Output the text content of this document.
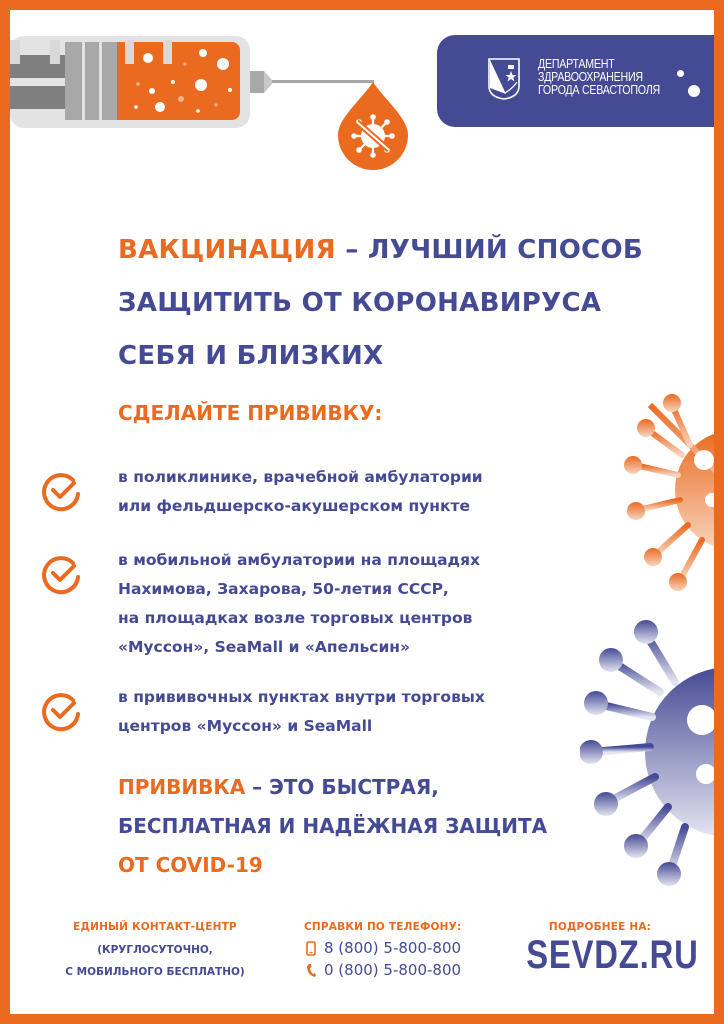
ДЕПАРТАМЕНТ
ЗДРАВООХРАНЕНИЯ
ГОРОДА СЕВАСТОПОЛЯ
ВАКЦИНАЦИЯ – ЛУЧШИЙ СПОСОБ
ЗАЩИТИТЬ ОТ КОРОНАВИРУСА
СЕБЯ И БЛИЗКИХ
СДЕЛАЙТЕ ПРИВИВКУ:
в поликлинике, врачебной амбулатории
или фельдшерско-акушерском пункте
в мобильной амбулатории на площадях
Нахимова, Захарова, 50-летия СССР,
на площадках возле торговых центров
«Муссон», SeaMall и «Апельсин»
в прививочных пунктах внутри торговых
центров «Муссон» и SeaMall
ПРИВИВКА – ЭТО БЫСТРАЯ,
БЕСПЛАТНАЯ И НАДЁЖНАЯ ЗАЩИТА
ОТ COVID-19
ЕДИНЫЙ КОНТАКТ-ЦЕНТР
(КРУГЛОСУТОЧНО,
С МОБИЛЬНОГО БЕСПЛАТНО)
СПРАВКИ ПО ТЕЛЕФОНУ:
8 (800) 5-800-800
0 (800) 5-800-800
ПОДРОБНЕЕ НА:
SEVDZ.RU
